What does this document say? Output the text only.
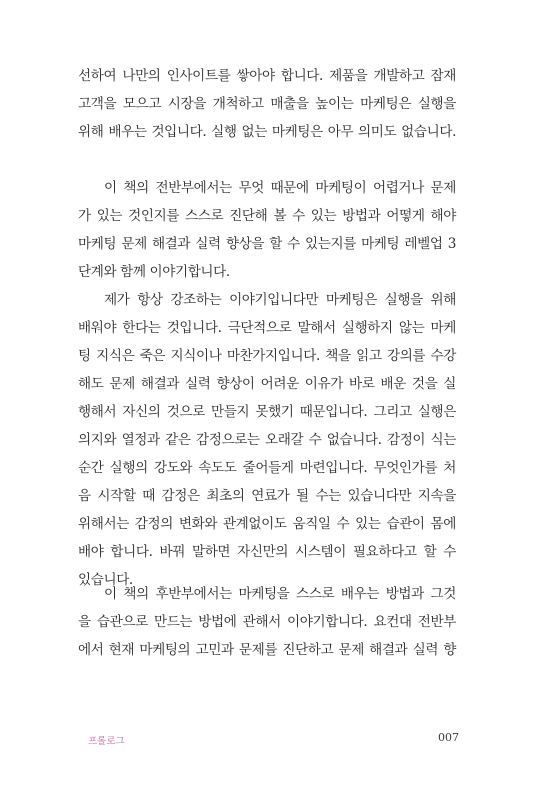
선하여 나만의 인사이트를 쌓아야 합니다. 제품을 개발하고 잠재
고객을 모으고 시장을 개척하고 매출을 높이는 마케팅은 실행을
위해 배우는 것입니다. 실행 없는 마케팅은 아무 의미도 없습니다.
이 책의 전반부에서는 무엇 때문에 마케팅이 어렵거나 문제
가 있는 것인지를 스스로 진단해 볼 수 있는 방법과 어떻게 해야
마케팅 문제 해결과 실력 향상을 할 수 있는지를 마케팅 레벨업 3
단계와 함께 이야기합니다.
제가 항상 강조하는 이야기입니다만 마케팅은 실행을 위해
배워야 한다는 것입니다. 극단적으로 말해서 실행하지 않는 마케
팅 지식은 죽은 지식이나 마찬가지입니다. 책을 읽고 강의를 수강
해도 문제 해결과 실력 향상이 어려운 이유가 바로 배운 것을 실
행해서 자신의 것으로 만들지 못했기 때문입니다. 그리고 실행은
의지와 열정과 같은 감정으로는 오래갈 수 없습니다. 감정이 식는
순간 실행의 강도와 속도도 줄어들게 마련입니다. 무엇인가를 처
음 시작할 때 감정은 최초의 연료가 될 수는 있습니다만 지속을
위해서는 감정의 변화와 관계없이도 움직일 수 있는 습관이 몸에
배야 합니다. 바꿔 말하면 자신만의 시스템이 필요하다고 할 수
있습니다.
이 책의 후반부에서는 마케팅을 스스로 배우는 방법과 그것
을 습관으로 만드는 방법에 관해서 이야기합니다. 요컨대 전반부
에서 현재 마케팅의 고민과 문제를 진단하고 문제 해결과 실력 향
프롤로그	007
